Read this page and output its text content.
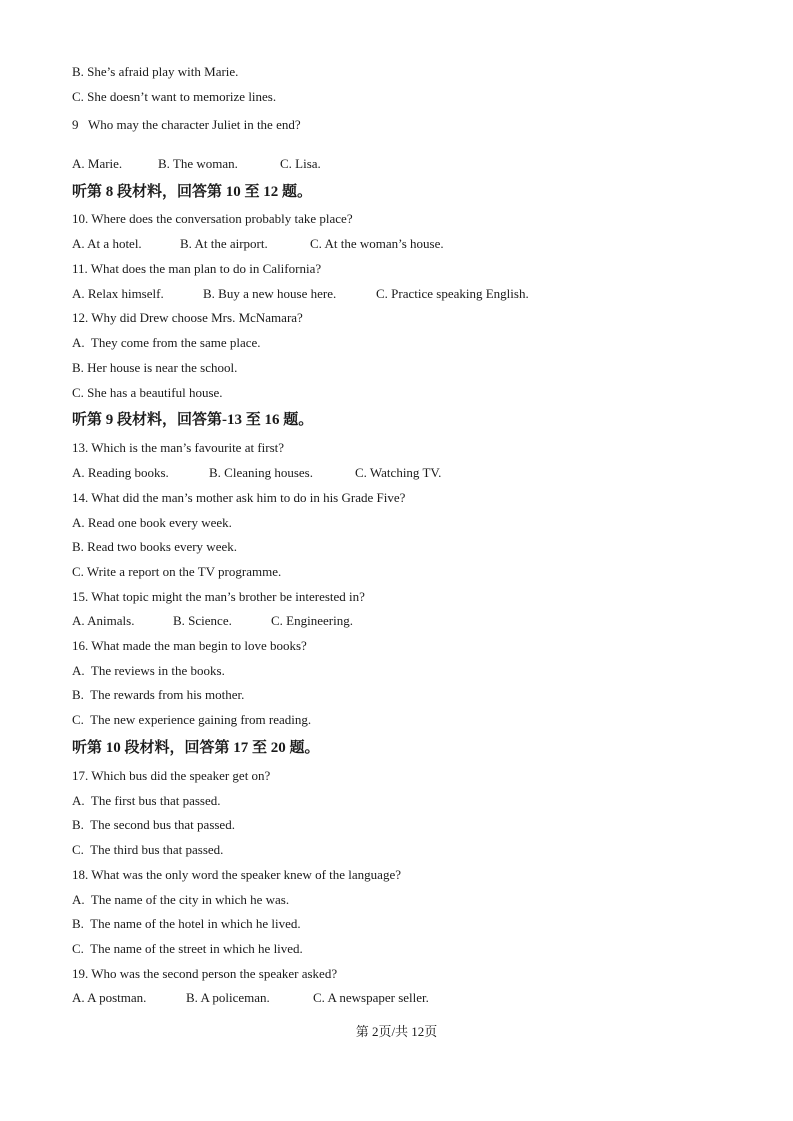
第 2页/共 12页
B. She’s afraid play with Marie.
C. She doesn’t want to memorize lines.
9   Who may the character Juliet in the end?
A. Marie.	B. The woman.	C. Lisa.
听第 8 段材料，回答第 10 至 12 题。
10. Where does the conversation probably take place?
A. At a hotel.	B. At the airport.	C. At the woman’s house.
11. What does the man plan to do in California?
A. Relax himself.	B. Buy a new house here.	C. Practice speaking English.
12. Why did Drew choose Mrs. McNamara?
A.  They come from the same place.
B. Her house is near the school.
C. She has a beautiful house.
听第 9 段材料，回答第-13 至 16 题。
13. Which is the man’s favourite at first?
A. Reading books.	B. Cleaning houses.	C. Watching TV.
14. What did the man’s mother ask him to do in his Grade Five?
A. Read one book every week.
B. Read two books every week.
C. Write a report on the TV programme.
15. What topic might the man’s brother be interested in?
A. Animals.	B. Science.	C. Engineering.
16. What made the man begin to love books?
A.  The reviews in the books.
B.  The rewards from his mother.
C.  The new experience gaining from reading.
听第 10 段材料，回答第 17 至 20 题。
17. Which bus did the speaker get on?
A.  The first bus that passed.
B.  The second bus that passed.
C.  The third bus that passed.
18. What was the only word the speaker knew of the language?
A.  The name of the city in which he was.
B.  The name of the hotel in which he lived.
C.  The name of the street in which he lived.
19. Who was the second person the speaker asked?
A. A postman.	B. A policeman.	C. A newspaper seller.
